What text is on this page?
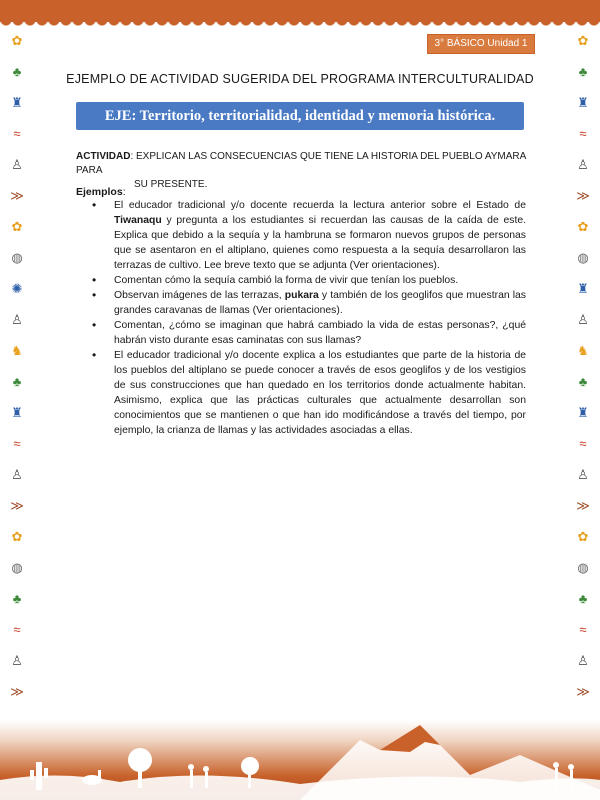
3° BÁSICO Unidad 1
✿
♣
♜
≈
♙
≫
✿
◍
✺
♙
♞
♣
♜
≈
♙
≫
✿
◍
♣
≈
♙
≫
✿
♣
♜
≈
♙
≫
✿
◍
♜
♙
♞
♣
♜
≈
♙
≫
✿
◍
♣
≈
♙
≫
EJEMPLO DE ACTIVIDAD SUGERIDA DEL PROGRAMA INTERCULTURALIDAD
EJE: Territorio, territorialidad, identidad y memoria histórica.
ACTIVIDAD: EXPLICAN LAS CONSECUENCIAS QUE TIENE LA HISTORIA DEL PUEBLO AYMARA PARA
SU PRESENTE.
Ejemplos:
• El educador tradicional y/o docente recuerda la lectura anterior sobre el Estado de Tiwanaqu y pregunta a los estudiantes si recuerdan las causas de la caída de este. Explica que debido a la sequía y la hambruna se formaron nuevos grupos de personas que se asentaron en el altiplano, quienes como respuesta a la sequía desarrollaron las terrazas de cultivo. Lee breve texto que se adjunta (Ver orientaciones).
• Comentan cómo la sequía cambió la forma de vivir que tenían los pueblos.
• Observan imágenes de las terrazas, pukara y también de los geoglifos que muestran las grandes caravanas de llamas (Ver orientaciones).
• Comentan, ¿cómo se imaginan que habrá cambiado la vida de estas personas?, ¿qué habrán visto durante esas caminatas con sus llamas?
• El educador tradicional y/o docente explica a los estudiantes que parte de la historia de los pueblos del altiplano se puede conocer a través de esos geoglifos y de los vestigios de sus construcciones que han quedado en los territorios donde actualmente habitan. Asimismo, explica que las prácticas culturales que actualmente desarrollan son conocimientos que se mantienen o que han ido modificándose a través del tiempo, por ejemplo, la crianza de llamas y las actividades asociadas a ellas.
